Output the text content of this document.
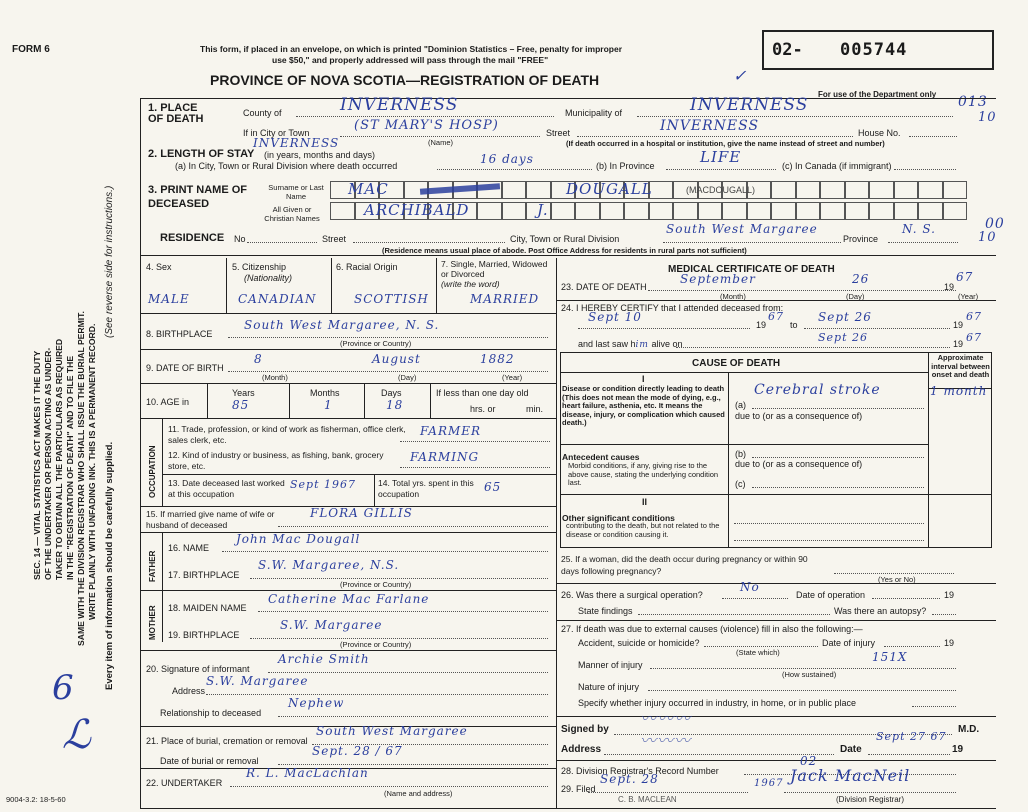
FORM 6	This form, if placed in an envelope, on which is printed "Dominion Statistics – Free, penalty for improper
use $50," and properly addressed will pass through the mail "FREE"
PROVINCE OF NOVA SCOTIA—REGISTRATION OF DEATH
02- 005744
For use of the Department only 013
10
00
10
✓
SEC. 14 — VITAL STATISTICS ACT MAKES IT THE DUTY OF THE UNDERTAKER OR PERSON ACTING AS UNDER- TAKER TO OBTAIN ALL THE PARTICULARS AS REQUIRED IN THE "REGISTRATION OF DEATH" AND TO FILE THE SAME WITH THE DIVISION REGISTRAR WHO SHALL ISSUE THE BURIAL PERMIT. WRITE PLAINLY WITH UNFADING INK. THIS IS A PERMANENT RECORD.
(See reverse side for instructions.)
Every item of information should be carefully supplied.
6
ℒ
1. PLACE OF DEATH	County of	INVERNESS	Municipality of	INVERNESS
If in City or Town	(ST MARY'S HOSP)
INVERNESS	(Name)
Street	INVERNESS	House No.
(If death occurred in a hospital or institution, give the name instead of street and number)
2. LENGTH OF STAY (in years, months and days)
(a) In City, Town or Rural Division where death occurred	16 days	(b) In Province	LIFE	(c) In Canada (if immigrant)
3. PRINT NAME OF DECEASED
Surname or Last Name
All Given or Christian Names
MAC	DOUGALL	(MACDOUGALL)
ARCHIBALD	J.
RESIDENCE No	Street	City, Town or Rural Division
South West Margaree
Province
N. S.
(Residence means usual place of abode. Post Office Address for residents in rural parts not sufficient)
4. Sex	5. Citizenship
(Nationality)
6. Racial Origin	7. Single, Married, Widowed or Divorced
(write the word)
MALE	CANADIAN	SCOTTISH	MARRIED
8. BIRTHPLACE
South West Margaree, N. S.
(Province or Country)
9. DATE OF BIRTH
8	August	1882
(Month)	(Day)	(Year)
10. AGE in
Years	Months	Days
85	1	18
If less than one day old
hrs. or	min.
OCCUPATION
11. Trade, profession, or kind of work as fisherman, office clerk, sales clerk, etc.
FARMER
12. Kind of industry or business, as fishing, bank, grocery store, etc.
FARMING
13. Date deceased last worked at this occupation
Sept 1967	14. Total yrs. spent in this occupation	65
15. If married give name of wife or husband of deceased
FLORA GILLIS
FATHER
16. NAME
John Mac Dougall
17. BIRTHPLACE
S.W. Margaree, N.S.
(Province or Country)
MOTHER 18. MAIDEN NAME
Catherine Mac Farlane
19. BIRTHPLACE
S.W. Margaree
(Province or Country)
20. Signature of informant
Archie Smith
Address
S.W. Margaree
Relationship to deceased
Nephew
21. Place of burial, cremation or removal
South West Margaree
Date of burial or removal
Sept. 28 / 67
22. UNDERTAKER
R. L. MacLachlan
(Name and address)
9004-3.2: 18-5-60
MEDICAL CERTIFICATE OF DEATH
23. DATE OF DEATH
September	26
19
67
(Month)	(Day)	(Year)
24. I HEREBY CERTIFY that I attended deceased from:
Sept 10
19
67
to
Sept 26
19
67
and last saw him alive on	Sept 26	19 67
CAUSE OF DEATH
Approximate interval between onset and death
I
Disease or condition directly leading to death (This does not mean the mode of dying, e.g., heart failure, asthenia, etc. It means the disease, injury, or complication which caused death.)
(a)
Cerebral stroke	1 month
due to (or as a consequence of)
(b)
Antecedent causes
Morbid conditions, if any, giving rise to the above cause, stating the underlying condition last.
due to (or as a consequence of)
(c)
II
Other significant conditions
contributing to the death, but not related to the disease or condition causing it.
25. If a woman, did the death occur during pregnancy or within 90 days following pregnancy?
(Yes or No)
26. Was there a surgical operation?
No
Date of operation	19
State findings	Was there an autopsy?
27. If death was due to external causes (violence) fill in also the following:—
Accident, suicide or homicide?	Date of injury	19
(State which)
Manner of injury
151X
(How sustained)
Nature of injury
Specify whether injury occurred in industry, in home, or in public place
Signed by
〰〰〰
M.D.
Address 〰〰〰	Date
Sept 27 67
19
28. Division Registrar's Record Number
02
29. Filed
Sept. 28	1967 Jack MacNeil
C. B. MACLEAN	(Division Registrar)
